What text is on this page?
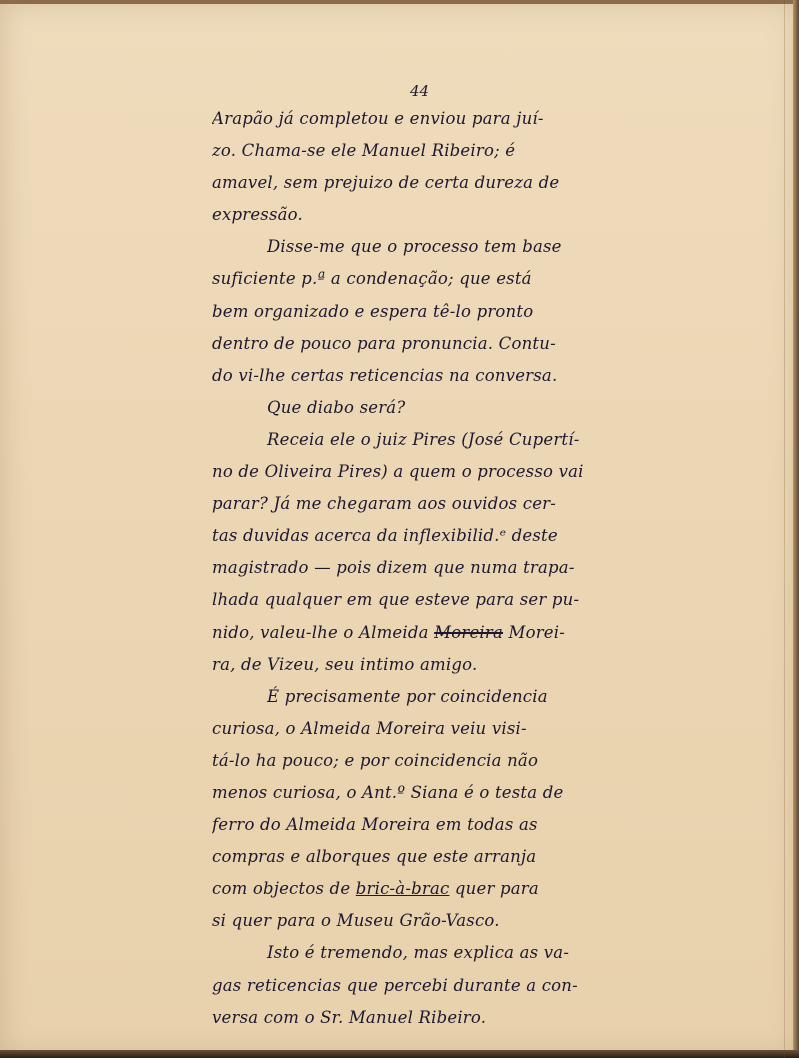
44
Arapão já completou e enviou para juí-
zo. Chama-se ele Manuel Ribeiro; é
amavel, sem prejuizo de certa dureza de
expressão.
Disse-me que o processo tem base
suficiente p.ª a condenação; que está
bem organizado e espera tê-lo pronto
dentro de pouco para pronuncia. Contu-
do vi-lhe certas reticencias na conversa.
Que diabo será?
Receia ele o juiz Pires (José Cupertí-
no de Oliveira Pires) a quem o processo vai
parar? Já me chegaram aos ouvidos cer-
tas duvidas acerca da inflexibilid.ᵉ deste
magistrado — pois dizem que numa trapa-
lhada qualquer em que esteve para ser pu-
nido, valeu-lhe o Almeida Moreira Morei-
ra, de Vizeu, seu intimo amigo.
É precisamente por coincidencia
curiosa, o Almeida Moreira veiu visi-
tá-lo ha pouco; e por coincidencia não
menos curiosa, o Ant.º Siana é o testa de
ferro do Almeida Moreira em todas as
compras e alborques que este arranja
com objectos de bric-à-brac quer para
si quer para o Museu Grão-Vasco.
Isto é tremendo, mas explica as va-
gas reticencias que percebi durante a con-
versa com o Sr. Manuel Ribeiro.
